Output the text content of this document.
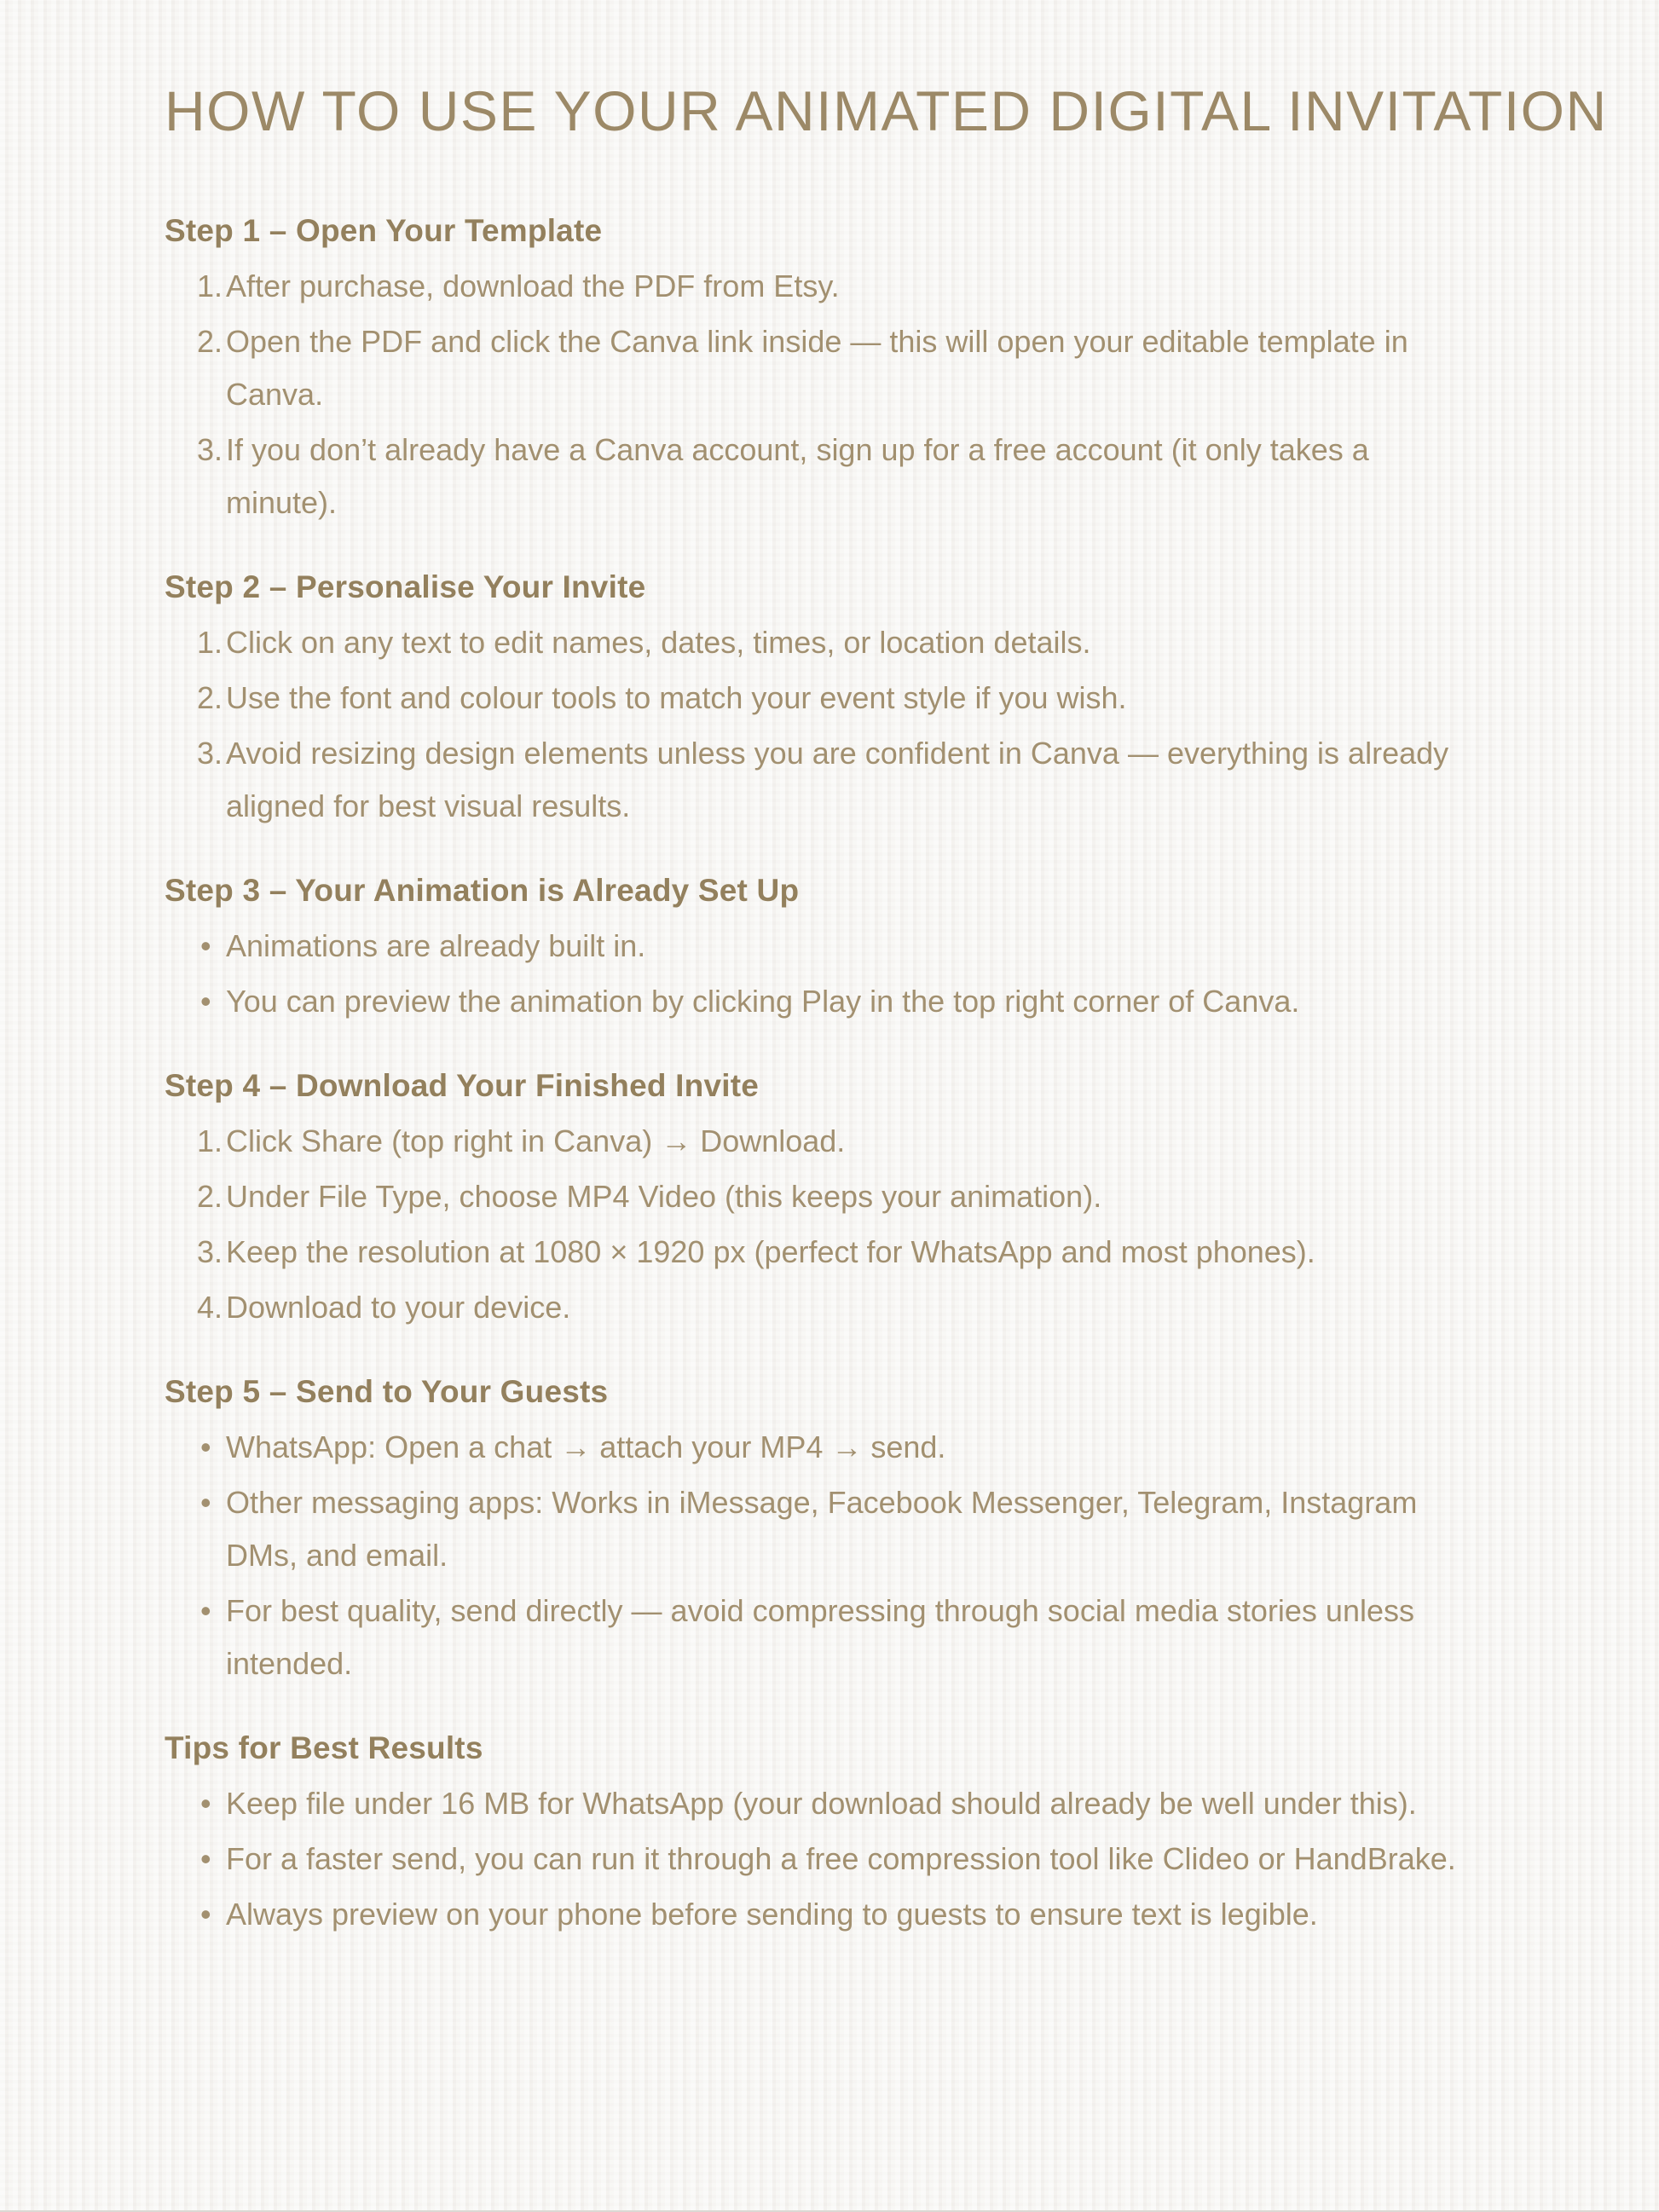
HOW TO USE YOUR ANIMATED DIGITAL INVITATION
Step 1 – Open Your Template
After purchase, download the PDF from Etsy.
Open the PDF and click the Canva link inside — this will open your editable template in Canva.
If you don’t already have a Canva account, sign up for a free account (it only takes a minute).
Step 2 – Personalise Your Invite
Click on any text to edit names, dates, times, or location details.
Use the font and colour tools to match your event style if you wish.
Avoid resizing design elements unless you are confident in Canva — everything is already aligned for best visual results.
Step 3 – Your Animation is Already Set Up
• Animations are already built in.
• You can preview the animation by clicking Play in the top right corner of Canva.
Step 4 – Download Your Finished Invite
Click Share (top right in Canva) → Download.
Under File Type, choose MP4 Video (this keeps your animation).
Keep the resolution at 1080 × 1920 px (perfect for WhatsApp and most phones).
Download to your device.
Step 5 – Send to Your Guests
• WhatsApp: Open a chat → attach your MP4 → send.
• Other messaging apps: Works in iMessage, Facebook Messenger, Telegram, Instagram DMs, and email.
• For best quality, send directly — avoid compressing through social media stories unless intended.
Tips for Best Results
• Keep file under 16 MB for WhatsApp (your download should already be well under this).
• For a faster send, you can run it through a free compression tool like Clideo or HandBrake.
• Always preview on your phone before sending to guests to ensure text is legible.
